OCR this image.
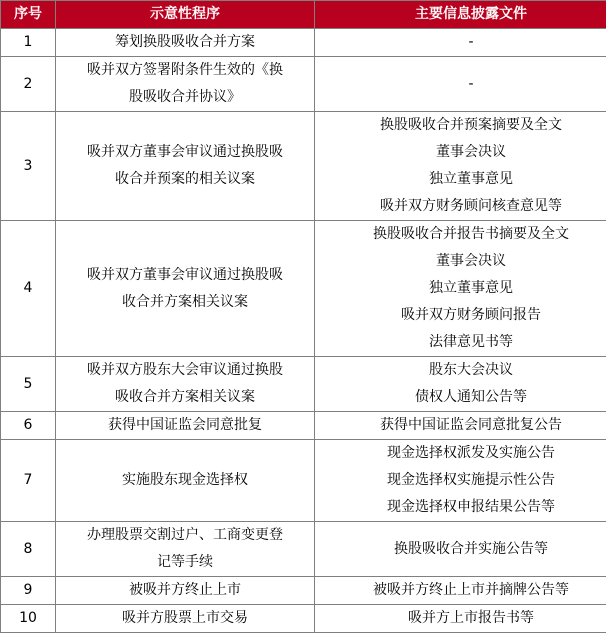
序号	示意性程序	主要信息披露文件
1	筹划换股吸收合并方案	-

2	吸并双方签署附条件生效的《换
股吸收合并协议》	-

3	吸并双方董事会审议通过换股吸
收合并预案的相关议案	换股吸收合并预案摘要及全文
董事会决议
独立董事意见
吸并双方财务顾问核查意见等

4	吸并双方董事会审议通过换股吸
收合并方案相关议案	换股吸收合并报告书摘要及全文
董事会决议
独立董事意见
吸并双方财务顾问报告
法律意见书等

5	吸并双方股东大会审议通过换股
吸收合并方案相关议案	股东大会决议
债权人通知公告等

6	获得中国证监会同意批复	获得中国证监会同意批复公告

7	实施股东现金选择权	现金选择权派发及实施公告
现金选择权实施提示性公告
现金选择权申报结果公告等

8	办理股票交割过户、工商变更登
记等手续	换股吸收合并实施公告等

9	被吸并方终止上市	被吸并方终止上市并摘牌公告等

10	吸并方股票上市交易	吸并方上市报告书等
